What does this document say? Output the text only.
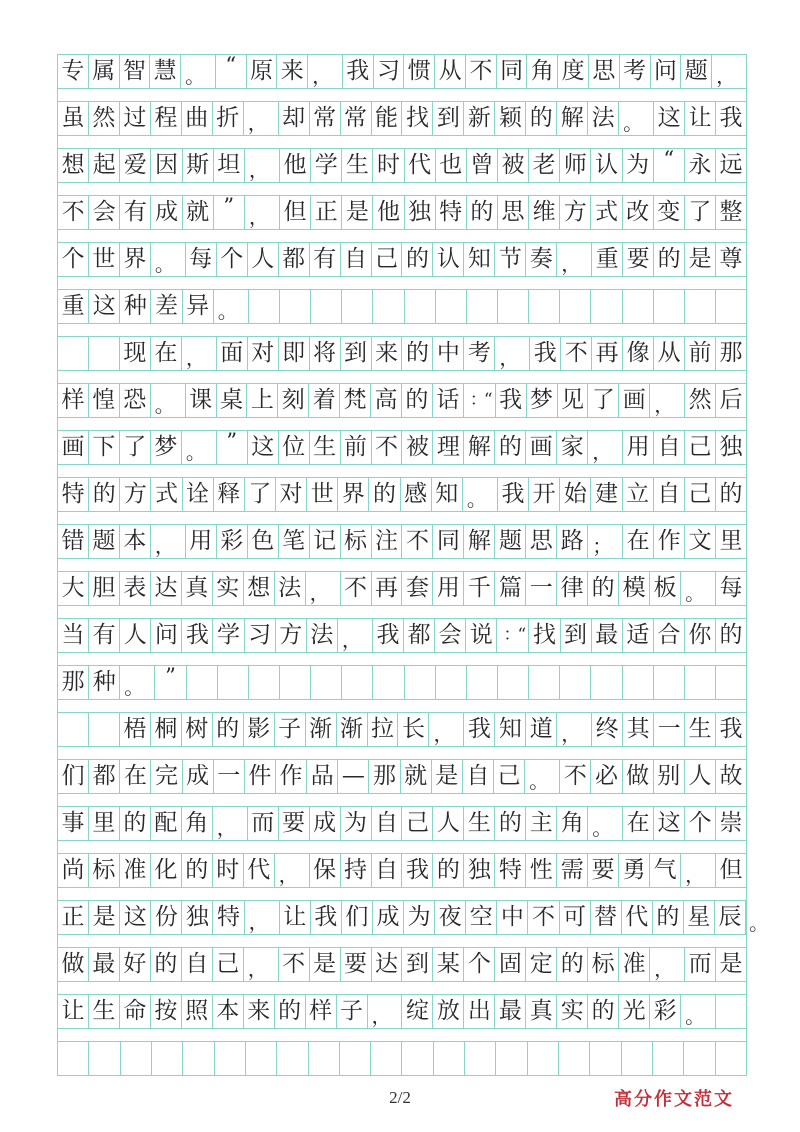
专 属 智 慧 。 “ 原 来 ， 我 习 惯 从 不 同 角 度 思 考 问 题 ，
虽 然 过 程 曲 折 ， 却 常 常 能 找 到 新 颖 的 解 法 。 这 让 我
想 起 爱 因 斯 坦 ， 他 学 生 时 代 也 曾 被 老 师 认 为 “ 永 远
不 会 有 成 就 ” ， 但 正 是 他 独 特 的 思 维 方 式 改 变 了 整
个 世 界 。 每 个 人 都 有 自 己 的 认 知 节 奏 ， 重 要 的 是 尊
重 这 种 差 异 。
现 在 ， 面 对 即 将 到 来 的 中 考 ， 我 不 再 像 从 前 那
样 惶 恐 。 课 桌 上 刻 着 梵 高 的 话 ：“ 我 梦 见 了 画 ， 然 后
画 下 了 梦 。 ” 这 位 生 前 不 被 理 解 的 画 家 ， 用 自 己 独
特 的 方 式 诠 释 了 对 世 界 的 感 知 。 我 开 始 建 立 自 己 的
错 题 本 ， 用 彩 色 笔 记 标 注 不 同 解 题 思 路 ； 在 作 文 里
大 胆 表 达 真 实 想 法 ， 不 再 套 用 千 篇 一 律 的 模 板 。 每
当 有 人 问 我 学 习 方 法 ， 我 都 会 说 ：“ 找 到 最 适 合 你 的
那 种 。 ”
梧 桐 树 的 影 子 渐 渐 拉 长 ， 我 知 道 ， 终 其 一 生 我
们 都 在 完 成 一 件 作 品 — 那 就 是 自 己 。 不 必 做 别 人 故
事 里 的 配 角 ， 而 要 成 为 自 己 人 生 的 主 角 。 在 这 个 崇
尚 标 准 化 的 时 代 ， 保 持 自 我 的 独 特 性 需 要 勇 气 ， 但
正 是 这 份 独 特 ， 让 我 们 成 为 夜 空 中 不 可 替 代 的 星 辰 。
做 最 好 的 自 己 ， 不 是 要 达 到 某 个 固 定 的 标 准 ， 而 是
让 生 命 按 照 本 来 的 样 子 ， 绽 放 出 最 真 实 的 光 彩 。
2/2	高分作文范文
